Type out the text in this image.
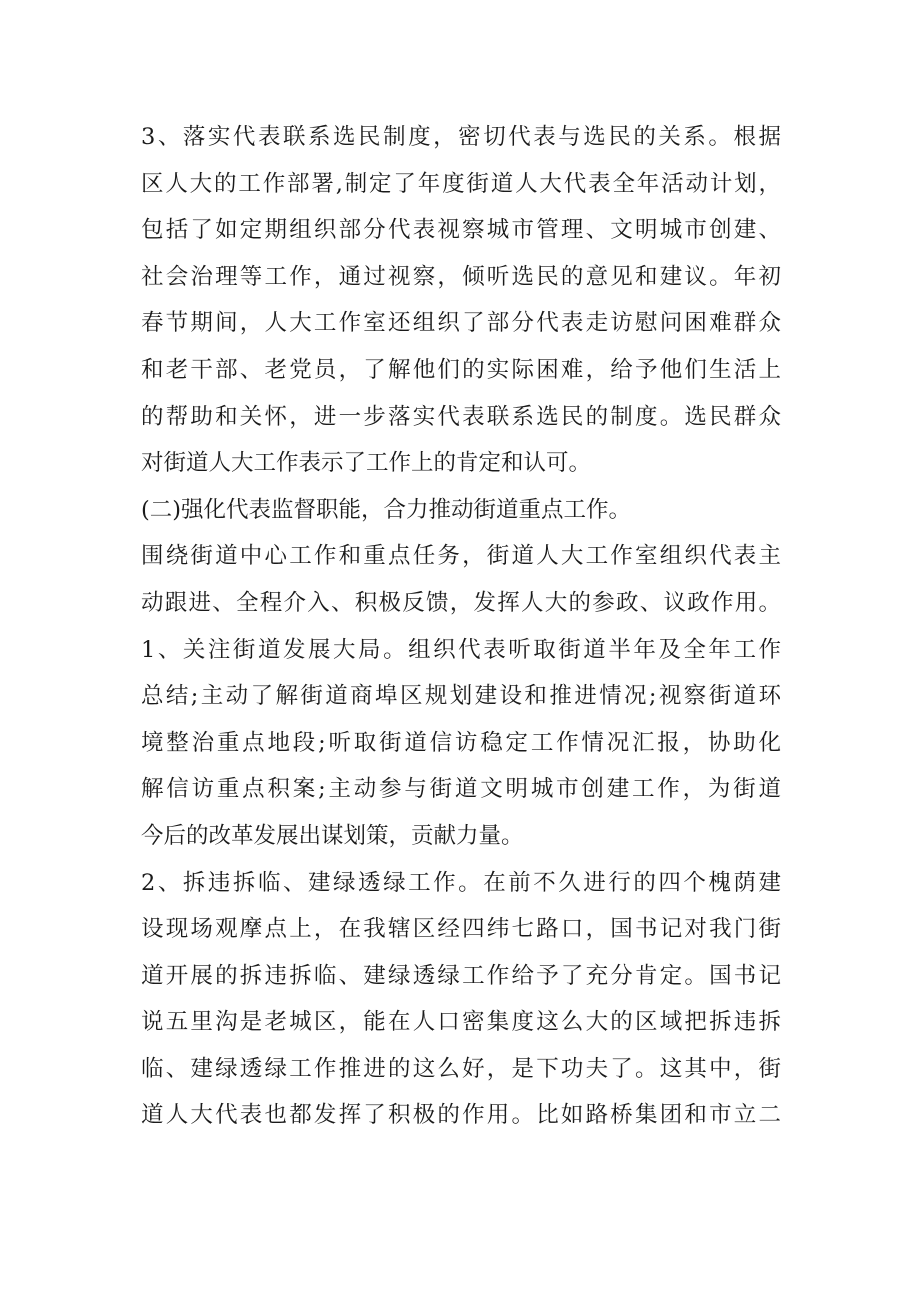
3、落实代表联系选民制度，密切代表与选民的关系。根据
区人大的工作部署,制定了年度街道人大代表全年活动计划，
包括了如定期组织部分代表视察城市管理、文明城市创建、
社会治理等工作，通过视察，倾听选民的意见和建议。年初
春节期间，人大工作室还组织了部分代表走访慰问困难群众
和老干部、老党员，了解他们的实际困难，给予他们生活上
的帮助和关怀，进一步落实代表联系选民的制度。选民群众
对街道人大工作表示了工作上的肯定和认可。
(二)强化代表监督职能，合力推动街道重点工作。
围绕街道中心工作和重点任务，街道人大工作室组织代表主
动跟进、全程介入、积极反馈，发挥人大的参政、议政作用。
1、关注街道发展大局。组织代表听取街道半年及全年工作
总结;主动了解街道商埠区规划建设和推进情况;视察街道环
境整治重点地段;听取街道信访稳定工作情况汇报，协助化
解信访重点积案;主动参与街道文明城市创建工作，为街道
今后的改革发展出谋划策，贡献力量。
2、拆违拆临、建绿透绿工作。在前不久进行的四个槐荫建
设现场观摩点上，在我辖区经四纬七路口，国书记对我门街
道开展的拆违拆临、建绿透绿工作给予了充分肯定。国书记
说五里沟是老城区，能在人口密集度这么大的区域把拆违拆
临、建绿透绿工作推进的这么好，是下功夫了。这其中，街
道人大代表也都发挥了积极的作用。比如路桥集团和市立二
